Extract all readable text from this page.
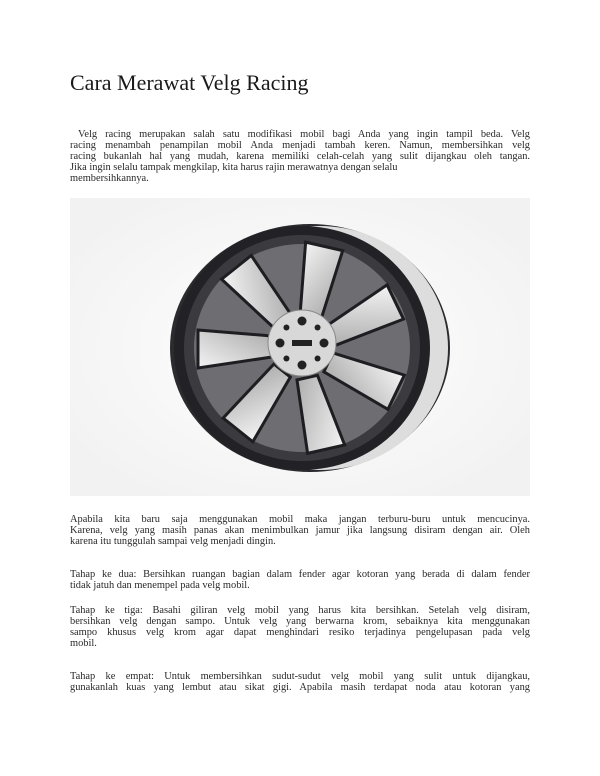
Cara Merawat Velg Racing
Velg racing merupakan salah satu modifikasi mobil bagi Anda yang ingin tampil beda. Velg
racing menambah penampilan mobil Anda menjadi tambah keren. Namun, membersihkan velg
racing bukanlah hal yang mudah, karena memiliki celah-celah yang sulit dijangkau oleh tangan.
Jika ingin selalu tampak mengkilap, kita harus rajin merawatnya dengan selalu
membersihkannya.
Apabila kita baru saja menggunakan mobil maka jangan terburu-buru untuk mencucinya.
Karena, velg yang masih panas akan menimbulkan jamur jika langsung disiram dengan air. Oleh
karena itu tunggulah sampai velg menjadi dingin.
Tahap ke dua: Bersihkan ruangan bagian dalam fender agar kotoran yang berada di dalam fender
tidak jatuh dan menempel pada velg mobil.
Tahap ke tiga: Basahi giliran velg mobil yang harus kita bersihkan. Setelah velg disiram,
bersihkan velg dengan sampo. Untuk velg yang berwarna krom, sebaiknya kita menggunakan
sampo khusus velg krom agar dapat menghindari resiko terjadinya pengelupasan pada velg
mobil.
Tahap ke empat: Untuk membersihkan sudut-sudut velg mobil yang sulit untuk dijangkau,
gunakanlah kuas yang lembut atau sikat gigi. Apabila masih terdapat noda atau kotoran yang
